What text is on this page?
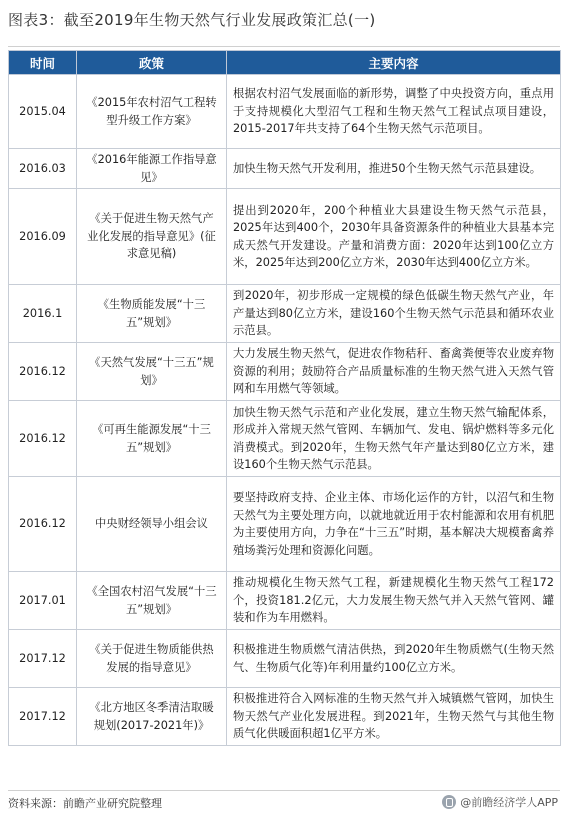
图表3：截至2019年生物天然气行业发展政策汇总(一)
时间	政策	主要内容
2015.04	《2015年农村沼气工程转型升级工作方案》	根据农村沼气发展面临的新形势，调整了中央投资方向，重点用于支持规模化大型沼气工程和生物天然气工程试点项目建设，2015-2017年共支持了64个生物天然气示范项目。
2016.03	《2016年能源工作指导意见》	加快生物天然气开发利用，推进50个生物天然气示范县建设。
2016.09	《关于促进生物天然气产业化发展的指导意见》(征求意见稿)	提出到2020年，200个种植业大县建设生物天然气示范县，2025年达到400个，2030年具备资源条件的种植业大县基本完成天然气开发建设。产量和消费方面：2020年达到100亿立方米，2025年达到200亿立方米，2030年达到400亿立方米。
2016.1	《生物质能发展“十三五”规划》	到2020年，初步形成一定规模的绿色低碳生物天然气产业，年产量达到80亿立方米，建设160个生物天然气示范县和循环农业示范县。
2016.12	《天然气发展“十三五”规划》	大力发展生物天然气，促进农作物秸秆、畜禽粪便等农业废弃物资源的利用；鼓励符合产品质量标准的生物天然气进入天然气管网和车用燃气等领域。
2016.12	《可再生能源发展“十三五”规划》	加快生物天然气示范和产业化发展，建立生物天然气输配体系，形成并入常规天然气管网、车辆加气、发电、锅炉燃料等多元化消费模式。到2020年，生物天然气年产量达到80亿立方米，建设160个生物天然气示范县。
2016.12	中央财经领导小组会议	要坚持政府支持、企业主体、市场化运作的方针，以沼气和生物天然气为主要处理方向，以就地就近用于农村能源和农用有机肥为主要使用方向，力争在“十三五”时期，基本解决大规模畜禽养殖场粪污处理和资源化问题。
2017.01	《全国农村沼气发展“十三五”规划》	推动规模化生物天然气工程，新建规模化生物天然气工程172个，投资181.2亿元，大力发展生物天然气并入天然气管网、罐装和作为车用燃料。
2017.12	《关于促进生物质能供热发展的指导意见》	积极推进生物质燃气清洁供热，到2020年生物质燃气(生物天然气、生物质气化等)年利用量约100亿立方米。
2017.12	《北方地区冬季清洁取暖规划(2017-2021年)》	积极推进符合入网标准的生物天然气并入城镇燃气管网，加快生物天然气产业化发展进程。到2021年，生物天然气与其他生物质气化供暖面积超1亿平方米。
资料来源：前瞻产业研究院整理	@前瞻经济学人APP
